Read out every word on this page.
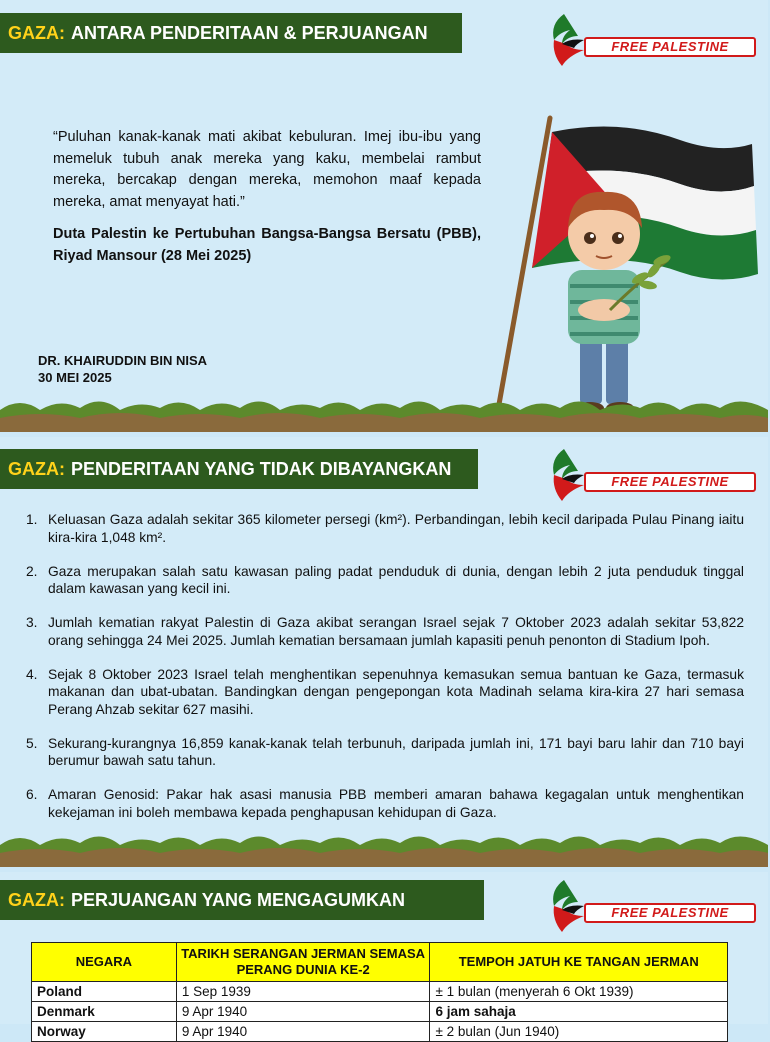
GAZA: ANTARA PENDERITAAN & PERJUANGAN
FREE PALESTINE

“Puluhan kanak-kanak mati akibat kebuluran. Imej ibu-ibu yang memeluk tubuh anak mereka yang kaku, membelai rambut mereka, bercakap dengan mereka, memohon maaf kepada mereka, amat menyayat hati.”

Duta Palestin ke Pertubuhan Bangsa-Bangsa Bersatu (PBB), Riyad Mansour (28 Mei 2025)

DR. KHAIRUDDIN BIN NISA
30 MEI 2025
GAZA: PENDERITAAN YANG TIDAK DIBAYANGKAN
FREE PALESTINE
1. Keluasan Gaza adalah sekitar 365 kilometer persegi (km²). Perbandingan, lebih kecil daripada Pulau Pinang iaitu kira-kira 1,048 km².
2. Gaza merupakan salah satu kawasan paling padat penduduk di dunia, dengan lebih 2 juta penduduk tinggal dalam kawasan yang kecil ini.
3. Jumlah kematian rakyat Palestin di Gaza akibat serangan Israel sejak 7 Oktober 2023 adalah sekitar 53,822 orang sehingga 24 Mei 2025. Jumlah kematian bersamaan jumlah kapasiti penuh penonton di Stadium Ipoh.
4. Sejak 8 Oktober 2023 Israel telah menghentikan sepenuhnya kemasukan semua bantuan ke Gaza, termasuk makanan dan ubat-ubatan. Bandingkan dengan pengepongan kota Madinah selama kira-kira 27 hari semasa Perang Ahzab sekitar 627 masihi.
5. Sekurang-kurangnya 16,859 kanak-kanak telah terbunuh, daripada jumlah ini, 171 bayi baru lahir dan 710 bayi berumur bawah satu tahun.
6. Amaran Genosid: Pakar hak asasi manusia PBB memberi amaran bahawa kegagalan untuk menghentikan kekejaman ini boleh membawa kepada penghapusan kehidupan di Gaza.
GAZA: PERJUANGAN YANG MENGAGUMKAN
FREE PALESTINE
NEGARA	TARIKH SERANGAN JERMAN SEMASA PERANG DUNIA KE-2	TEMPOH JATUH KE TANGAN JERMAN
Poland	1 Sep 1939	± 1 bulan (menyerah 6 Okt 1939)
Denmark	9 Apr 1940	6 jam sahaja
Norway	9 Apr 1940	± 2 bulan (Jun 1940)
